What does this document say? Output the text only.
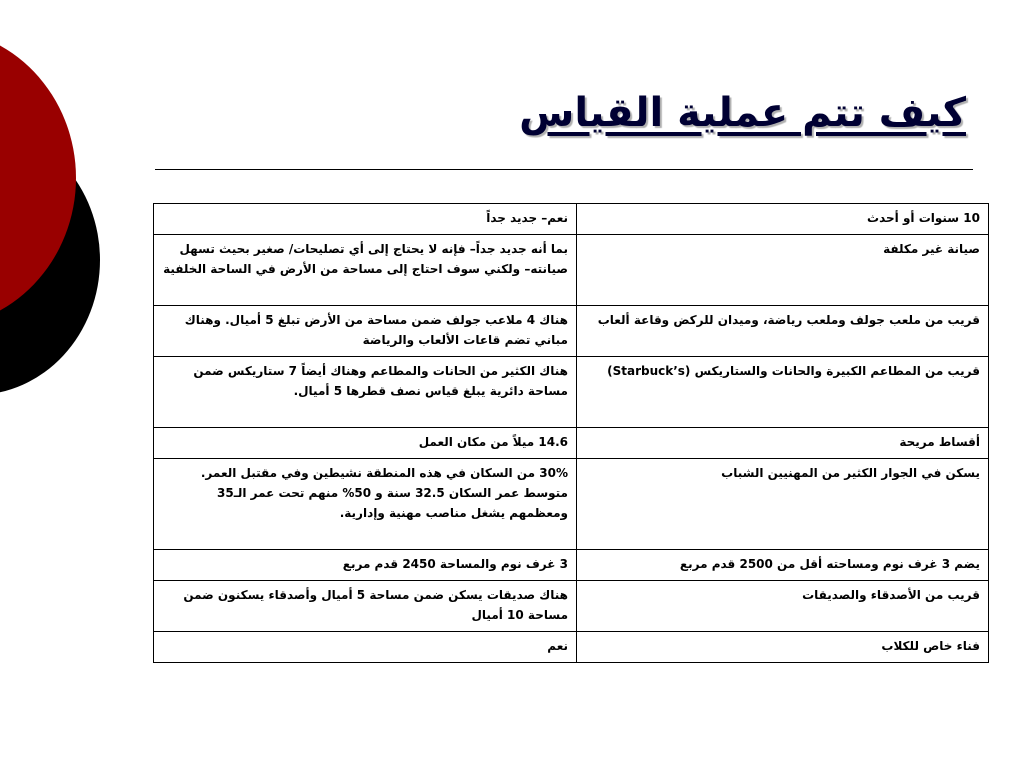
كيف تتم عملية القياس
10 سنوات أو أحدث	نعم– جديد جداً
صيانة غير مكلفة	بما أنه جديد جداً– فإنه لا يحتاج إلى أي تصليحات/ صغير بحيث تسهل صيانته– ولكني سوف احتاج إلى مساحة من الأرض في الساحة الخلفية
قريب من ملعب جولف وملعب رياضة، وميدان للركض وقاعة ألعاب	هناك 4 ملاعب جولف ضمن مساحة من الأرض تبلغ 5 أميال. وهناك مباني تضم قاعات الألعاب والرياضة
قريب من المطاعم الكبيرة والحانات والستاريكس (Starbuck’s)	هناك الكثير من الحانات والمطاعم وهناك أيضاً 7 ستاريكس ضمن مساحة دائرية يبلغ قياس نصف قطرها 5 أميال.
أقساط مريحة	14.6 ميلاً من مكان العمل
يسكن في الجوار الكثير من المهنيين الشباب	30% من السكان في هذه المنطقة نشيطين وفي مقتبل العمر. متوسط عمر السكان 32.5 سنة و 50% منهم تحت عمر الـ35 ومعظمهم يشغل مناصب مهنية وإدارية.
يضم 3 غرف نوم ومساحته أقل من 2500 قدم مربع	3 غرف نوم والمساحة 2450 قدم مربع
قريب من الأصدقاء والصديقات	هناك صديقات يسكن ضمن مساحة 5 أميال وأصدقاء يسكنون ضمن مساحة 10 أميال
فناء خاص للكلاب	نعم
